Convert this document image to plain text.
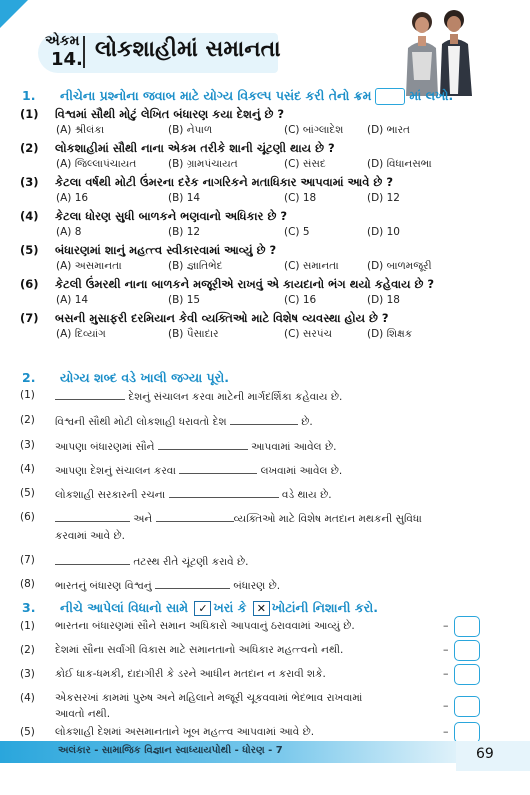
એકમ
14. લોકશાહીમાં સમાનતા
1. નીચેના પ્રશ્નોના જવાબ માટે યોગ્ય વિકલ્પ પસંદ કરી તેનો ક્રમ	માં લખો.
(1) વિશ્વમાં સૌથી મોટું લેખિત બંધારણ કયા દેશનું છે ?
(A) શ્રીલંકા	(B) નેપાળ	(C) બાંગ્લાદેશ (D) ભારત
(2) લોકશાહીમાં સૌથી નાના એકમ તરીકે શાની ચૂંટણી થાય છે ?
(A) જિલ્લાપંચાયત	(B) ગ્રામપંચાયત	(C) સંસદ	(D) વિધાનસભા
(3) કેટલા વર્ષથી મોટી ઉંમરના દરેક નાગરિકને મતાધિકાર આપવામાં આવે છે ?
(A) 16	(B) 14	(C) 18	(D) 12
(4) કેટલા ધોરણ સુધી બાળકને ભણવાનો અધિકાર છે ?
(A) 8	(B) 12	(C) 5	(D) 10
(5) બંધારણમાં શાનું મહત્ત્વ સ્વીકારવામાં આવ્યું છે ?
(A) અસમાનતા	(B) જ્ઞાતિભેદ	(C) સમાનતા	(D) બાળમજૂરી
(6) કેટલી ઉંમરથી નાના બાળકને મજૂરીએ રાખવું એ કાયદાનો ભંગ થયો કહેવાય છે ?
(A) 14	(B) 15	(C) 16	(D) 18
(7) બસની મુસાફરી દરમિયાન કેવી વ્યક્તિઓ માટે વિશેષ વ્યવસ્થા હોય છે ?
(A) દિવ્યાંગ	(B) પૈસાદાર	(C) સરપંચ	(D) શિક્ષક
2. યોગ્ય શબ્દ વડે ખાલી જગ્યા પૂરો.
(1)	દેશનું સંચાલન કરવા માટેની માર્ગદર્શિકા કહેવાય છે.
(2) વિશ્વની સૌથી મોટી લોકશાહી ધરાવતો દેશ	છે.
(3) આપણા બંધારણમાં સૌને	આપવામાં આવેલ છે.
(4) આપણા દેશનું સંચાલન કરવા	લખવામાં આવેલ છે.
(5) લોકશાહી સરકારની રચના	વડે થાય છે.
(6)	અને	વ્યક્તિઓ માટે વિશેષ મતદાન મથકની સુવિધા
કરવામાં આવે છે.
(7)	તટસ્થ રીતે ચૂંટણી કરાવે છે.
(8) ભારતનું બંધારણ વિશ્વનું	બંધારણ છે.
3. નીચે આપેલાં વિધાનો સામે ✓ ખરાં કે ✕ ખોટાંની નિશાની કરો.
(1) ભારતના બંધારણમાં સૌને સમાન અધિકારો આપવાનું ઠરાવવામાં આવ્યું છે.	–
(2) દેશમાં સૌના સર્વાંગી વિકાસ માટે સમાનતાનો અધિકાર મહત્ત્વનો નથી.	–
(3) કોઈ ધાક-ધમકી, દાદાગીરી કે ડરને આધીન મતદાન ન કરાવી શકે.	–
(4) એકસરખાં કામમાં પુરુષ અને મહિલાને મજૂરી ચૂકવવામાં ભેદભાવ રાખવામાં
આવતો નથી.
–
(5) લોકશાહી દેશમાં અસમાનતાને ખૂબ મહત્ત્વ આપવામાં આવે છે.	–
અલંકાર - સામાજિક વિજ્ઞાન સ્વાધ્યાયપોથી - ધોરણ - 7	69
